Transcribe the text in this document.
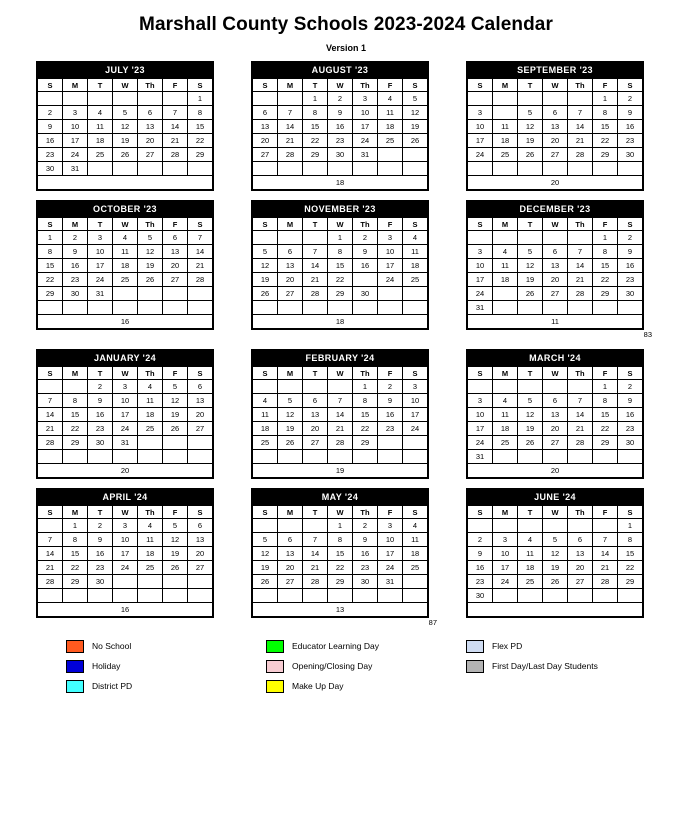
Marshall County Schools 2023-2024 Calendar
Version 1
JULY '23
S	M	T	W	Th	F	S
						1
2	3	4	5	6	7	8
9	10	11	12	13	14	15
16	17	18	19	20	21	22
23	24	25	26	27	28	29
30	31					

AUGUST '23
S	M	T	W	Th	F	S
		1	2	3	4	5
6	7	8	9	10	11	12
13	14	15	16	17	18	19
20	21	22	23	24	25	26
27	28	29	30	31		

18						
SEPTEMBER '23
S	M	T	W	Th	F	S
					1	2
3	4	5	6	7	8	9
10	11	12	13	14	15	16
17	18	19	20	21	22	23
24	25	26	27	28	29	30

20						
OCTOBER '23
S	M	T	W	Th	F	S
1	2	3	4	5	6	7
8	9	10	11	12	13	14
15	16	17	18	19	20	21
22	23	24	25	26	27	28
29	30	31				

16						
NOVEMBER '23
S	M	T	W	Th	F	S
			1	2	3	4
5	6	7	8	9	10	11
12	13	14	15	16	17	18
19	20	21	22	23	24	25
26	27	28	29	30		

18						
DECEMBER '23
S	M	T	W	Th	F	S
					1	2
3	4	5	6	7	8	9
10	11	12	13	14	15	16
17	18	19	20	21	22	23
24	25	26	27	28	29	30
31						
11						
83
JANUARY '24
S	M	T	W	Th	F	S
	1	2	3	4	5	6
7	8	9	10	11	12	13
14	15	16	17	18	19	20
21	22	23	24	25	26	27
28	29	30	31			

20						
FEBRUARY '24
S	M	T	W	Th	F	S
				1	2	3
4	5	6	7	8	9	10
11	12	13	14	15	16	17
18	19	20	21	22	23	24
25	26	27	28	29		

19						
MARCH '24
S	M	T	W	Th	F	S
					1	2
3	4	5	6	7	8	9
10	11	12	13	14	15	16
17	18	19	20	21	22	23
24	25	26	27	28	29	30
31						
20						
APRIL '24
S	M	T	W	Th	F	S
	1	2	3	4	5	6
7	8	9	10	11	12	13
14	15	16	17	18	19	20
21	22	23	24	25	26	27
28	29	30				

16						
MAY '24
S	M	T	W	Th	F	S
			1	2	3	4
5	6	7	8	9	10	11
12	13	14	15	16	17	18
19	20	21	22	23	24	25
26	27	28	29	30	31	

13						
87
JUNE '24
S	M	T	W	Th	F	S
						1
2	3	4	5	6	7	8
9	10	11	12	13	14	15
16	17	18	19	20	21	22
23	24	25	26	27	28	29
30						

No School	Educator Learning Day	Flex PD
Holiday	Opening/Closing Day	First Day/Last Day Students
District PD	Make Up Day
